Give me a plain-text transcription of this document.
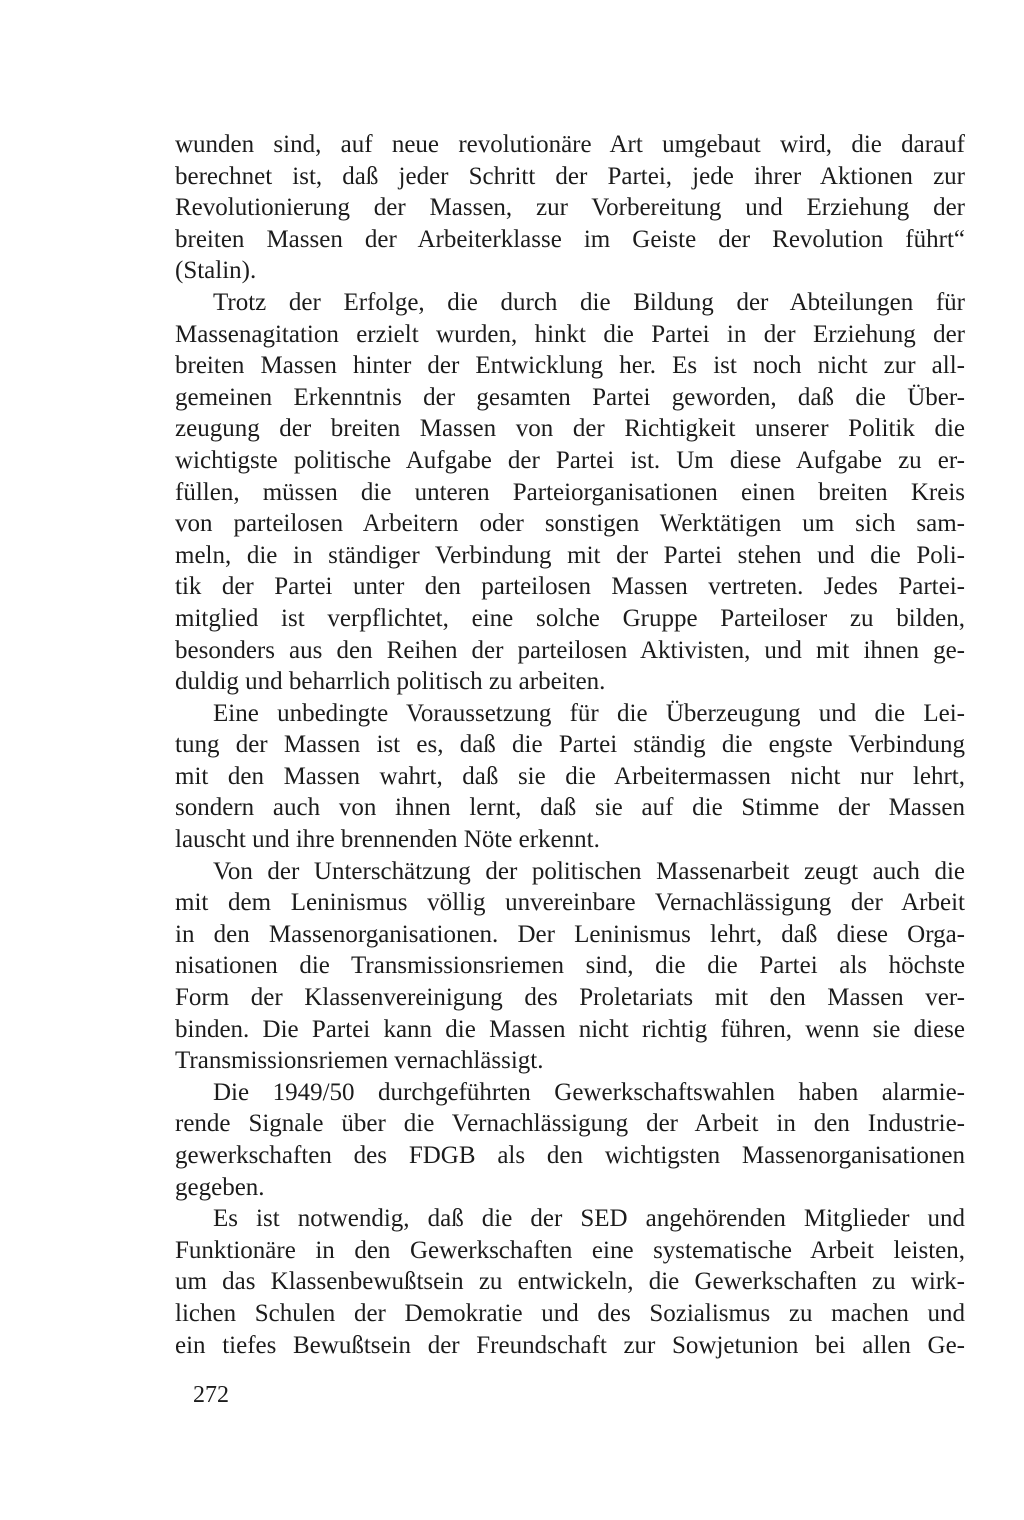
wunden sind, auf neue revolutionäre Art umgebaut wird, die darauf
berechnet ist, daß jeder Schritt der Partei, jede ihrer Aktionen zur
Revolutionierung der Massen, zur Vorbereitung und Erziehung der
breiten Massen der Arbeiterklasse im Geiste der Revolution führt“
(Stalin).
Trotz der Erfolge, die durch die Bildung der Abteilungen für
Massenagitation erzielt wurden, hinkt die Partei in der Erziehung der
breiten Massen hinter der Entwicklung her. Es ist noch nicht zur all-
gemeinen Erkenntnis der gesamten Partei geworden, daß die Über-
zeugung der breiten Massen von der Richtigkeit unserer Politik die
wichtigste politische Aufgabe der Partei ist. Um diese Aufgabe zu er-
füllen, müssen die unteren Parteiorganisationen einen breiten Kreis
von parteilosen Arbeitern oder sonstigen Werktätigen um sich sam-
meln, die in ständiger Verbindung mit der Partei stehen und die Poli-
tik der Partei unter den parteilosen Massen vertreten. Jedes Partei-
mitglied ist verpflichtet, eine solche Gruppe Parteiloser zu bilden,
besonders aus den Reihen der parteilosen Aktivisten, und mit ihnen ge-
duldig und beharrlich politisch zu arbeiten.
Eine unbedingte Voraussetzung für die Überzeugung und die Lei-
tung der Massen ist es, daß die Partei ständig die engste Verbindung
mit den Massen wahrt, daß sie die Arbeitermassen nicht nur lehrt,
sondern auch von ihnen lernt, daß sie auf die Stimme der Massen
lauscht und ihre brennenden Nöte erkennt.
Von der Unterschätzung der politischen Massenarbeit zeugt auch die
mit dem Leninismus völlig unvereinbare Vernachlässigung der Arbeit
in den Massenorganisationen. Der Leninismus lehrt, daß diese Orga-
nisationen die Transmissionsriemen sind, die die Partei als höchste
Form der Klassenvereinigung des Proletariats mit den Massen ver-
binden. Die Partei kann die Massen nicht richtig führen, wenn sie diese
Transmissionsriemen vernachlässigt.
Die 1949/50 durchgeführten Gewerkschaftswahlen haben alarmie-
rende Signale über die Vernachlässigung der Arbeit in den Industrie-
gewerkschaften des FDGB als den wichtigsten Massenorganisationen
gegeben.
Es ist notwendig, daß die der SED angehörenden Mitglieder und
Funktionäre in den Gewerkschaften eine systematische Arbeit leisten,
um das Klassenbewußtsein zu entwickeln, die Gewerkschaften zu wirk-
lichen Schulen der Demokratie und des Sozialismus zu machen und
ein tiefes Bewußtsein der Freundschaft zur Sowjetunion bei allen Ge-
272
